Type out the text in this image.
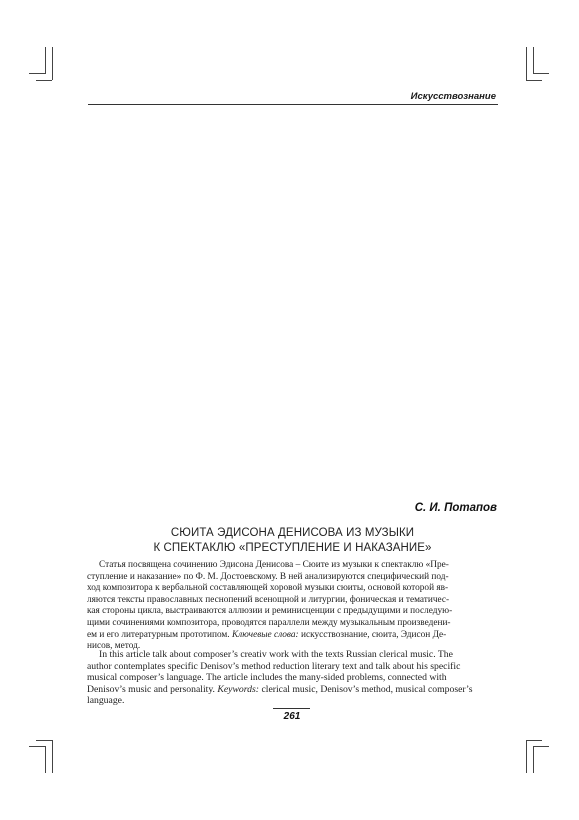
Искусствознание
С. И. Потапов
СЮИТА ЭДИСОНА ДЕНИСОВА ИЗ МУЗЫКИ
К СПЕКТАКЛЮ «ПРЕСТУПЛЕНИЕ И НАКАЗАНИЕ»
Статья посвящена сочинению Эдисона Денисова – Сюите из музыки к спектаклю «Пре-
ступление и наказание» по Ф. М. Достоевскому. В ней анализируются специфический под-
ход композитора к вербальной составляющей хоровой музыки сюиты, основой которой яв-
ляются тексты православных песнопений всенощной и литургии, фоническая и тематичес-
кая стороны цикла, выстраиваются аллюзии и реминисценции с предыдущими и последую-
щими сочинениями композитора, проводятся параллели между музыкальным произведени-
ем и его литературным прототипом. Ключевые слова: искусствознание, сюита, Эдисон Де-
нисов, метод.
In this article talk about composer’s creativ work with the texts Russian clerical music. The
author contemplates specific Denisov’s method reduction literary text and talk about his specific
musical composer’s language. The article includes the many-sided problems, connected with
Denisov’s music and personality. Keywords: clerical music, Denisov’s method, musical composer’s
language.
261
